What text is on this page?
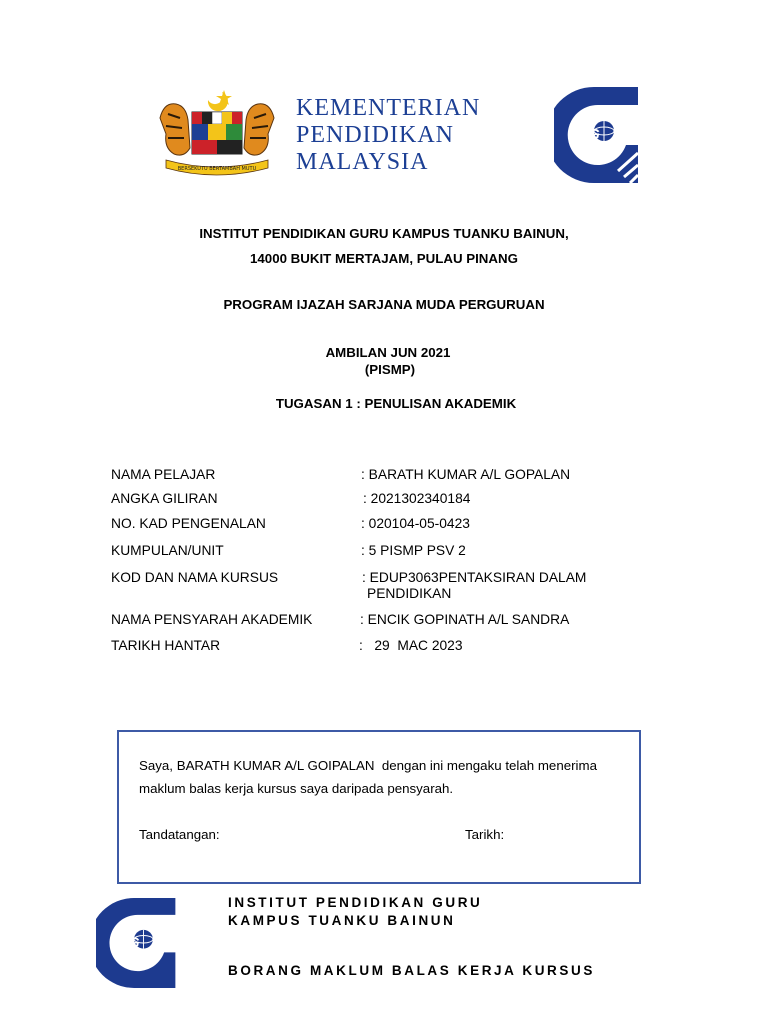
BERSEKUTU BERTAMBAH MUTU
KEMENTERIAN
PENDIDIKAN
MALAYSIA
iPG
INSTITUT PENDIDIKAN GURU KAMPUS TUANKU BAINUN,
14000 BUKIT MERTAJAM, PULAU PINANG
PROGRAM IJAZAH SARJANA MUDA PERGURUAN
AMBILAN JUN 2021
(PISMP)
TUGASAN 1 : PENULISAN AKADEMIK
NAMA PELAJAR	: BARATH KUMAR A/L GOPALAN
ANGKA GILIRAN	: 2021302340184
NO. KAD PENGENALAN	: 020104-05-0423
KUMPULAN/UNIT	: 5 PISMP PSV 2
KOD DAN NAMA KURSUS	: EDUP3063PENTAKSIRAN DALAM
PENDIDIKAN
NAMA PENSYARAH AKADEMIK	: ENCIK GOPINATH A/L SANDRA
TARIKH HANTAR	:   29  MAC 2023
Saya, BARATH KUMAR A/L GOIPALAN  dengan ini mengaku telah menerima
maklum balas kerja kursus saya daripada pensyarah.
Tandatangan:	Tarikh:
iPG
INSTITUT PENDIDIKAN GURU
KAMPUS TUANKU BAINUN
BORANG MAKLUM BALAS KERJA KURSUS
